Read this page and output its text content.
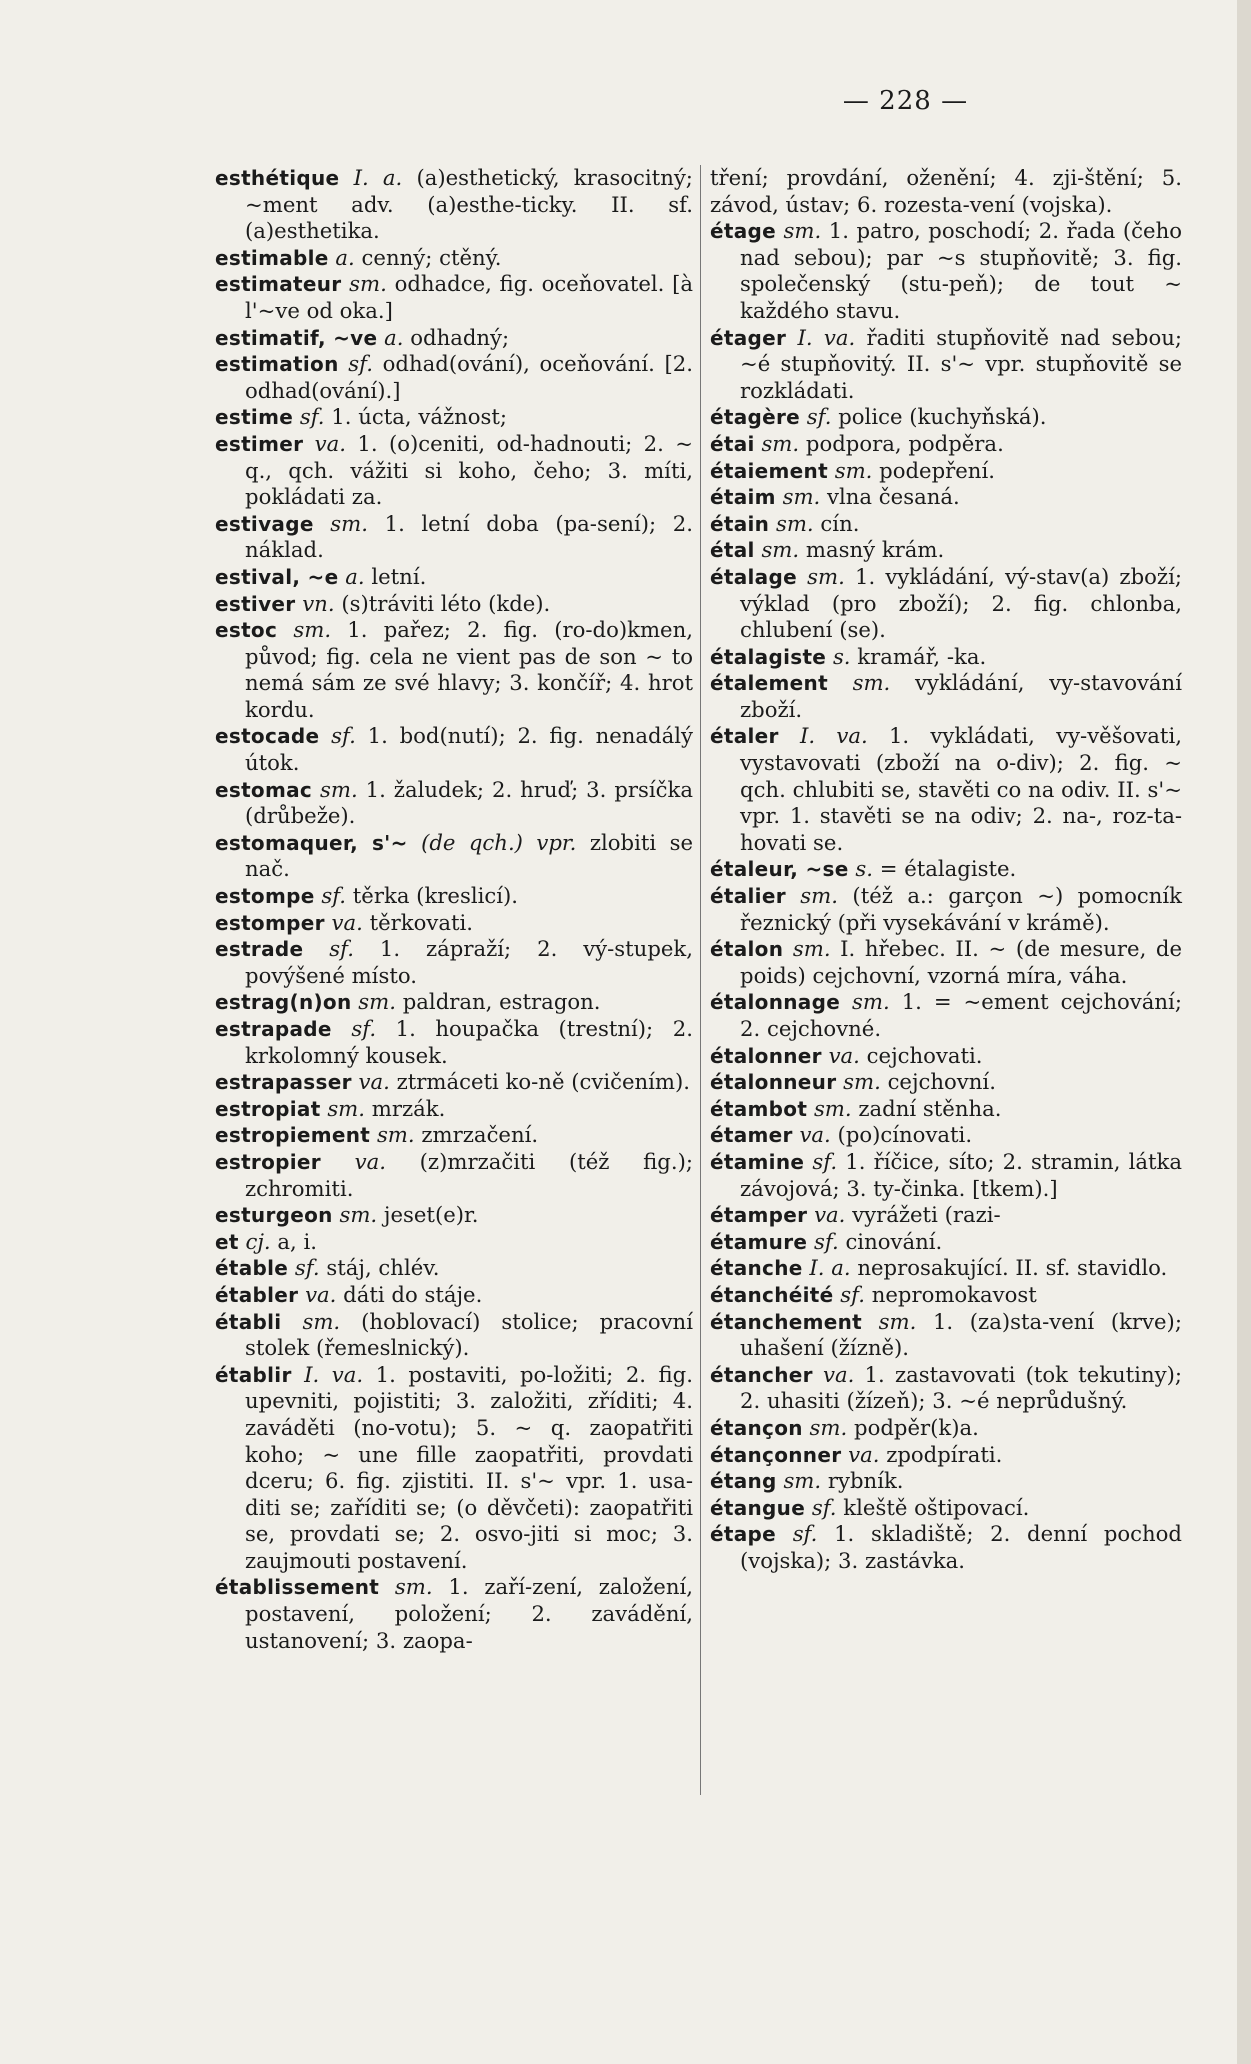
— 228 —

esthétique I. a. (a)esthetický, krasocitný; ~ment adv. (a)esthe-ticky. II. sf. (a)esthetika.

estimable a. cenný; ctěný.

estimateur sm. odhadce, fig. oceňovatel. [à l'~ve od oka.]

estimatif, ~ve a. odhadný;

estimation sf. odhad(ování), oceňování. [2. odhad(ování).]

estime sf. 1. úcta, vážnost;

estimer va. 1. (o)ceniti, od-hadnouti; 2. ~ q., qch. vážiti si koho, čeho; 3. míti, pokládati za.

estivage sm. 1. letní doba (pa-sení); 2. náklad.

estival, ~e a. letní.

estiver vn. (s)tráviti léto (kde).

estoc sm. 1. pařez; 2. fig. (ro-do)kmen, původ; fig. cela ne vient pas de son ~ to nemá sám ze své hlavy; 3. končíř; 4. hrot kordu.

estocade sf. 1. bod(nutí); 2. fig. nenadálý útok.

estomac sm. 1. žaludek; 2. hruď; 3. prsíčka (drůbeže).

estomaquer, s'~ (de qch.) vpr. zlobiti se nač.

estompe sf. těrka (kreslicí).

estomper va. těrkovati.

estrade sf. 1. zápraží; 2. vý-stupek, povýšené místo.

estrag(n)on sm. paldran, estragon.

estrapade sf. 1. houpačka (trestní); 2. krkolomný kousek.

estrapasser va. ztrmáceti ko-ně (cvičením).

estropiat sm. mrzák.

estropiement sm. zmrzačení.

estropier va. (z)mrzačiti (též fig.); zchromiti.

esturgeon sm. jeset(e)r.

et cj. a, i.

étable sf. stáj, chlév.

établer va. dáti do stáje.

établi sm. (hoblovací) stolice; pracovní stolek (řemeslnický).

établir I. va. 1. postaviti, po-ložiti; 2. fig. upevniti, pojistiti; 3. založiti, zříditi; 4. zaváděti (no-votu); 5. ~ q. zaopatřiti koho; ~ une fille zaopatřiti, provdati dceru; 6. fig. zjistiti. II. s'~ vpr. 1. usa-diti se; zaříditi se; (o děvčeti): zaopatřiti se, provdati se; 2. osvo-jiti si moc; 3. zaujmouti postavení.

établissement sm. 1. zaří-zení, založení, postavení, položení; 2. zavádění, ustanovení; 3. zaopa-

tření; provdání, oženění; 4. zji-štění; 5. závod, ústav; 6. rozesta-vení (vojska).

étage sm. 1. patro, poschodí; 2. řada (čeho nad sebou); par ~s stupňovitě; 3. fig. společenský (stu-peň); de tout ~ každého stavu.

étager I. va. řaditi stupňovitě nad sebou; ~é stupňovitý. II. s'~ vpr. stupňovitě se rozkládati.

étagère sf. police (kuchyňská).

étai sm. podpora, podpěra.

étaiement sm. podepření.

étaim sm. vlna česaná.

étain sm. cín.

étal sm. masný krám.

étalage sm. 1. vykládání, vý-stav(a) zboží; výklad (pro zboží); 2. fig. chlonba, chlubení (se).

étalagiste s. kramář, -ka.

étalement sm. vykládání, vy-stavování zboží.

étaler I. va. 1. vykládati, vy-věšovati, vystavovati (zboží na o-div); 2. fig. ~ qch. chlubiti se, stavěti co na odiv. II. s'~ vpr. 1. stavěti se na odiv; 2. na-, roz-ta-hovati se.

étaleur, ~se s. = étalagiste.

étalier sm. (též a.: garçon ~) pomocník řeznický (při vysekávání v krámě).

étalon sm. I. hřebec. II. ~ (de mesure, de poids) cejchovní, vzorná míra, váha.

étalonnage sm. 1. = ~ement cejchování; 2. cejchovné.

étalonner va. cejchovati.

étalonneur sm. cejchovní.

étambot sm. zadní stěnha.

étamer va. (po)cínovati.

étamine sf. 1. říčice, síto; 2. stramin, látka závojová; 3. ty-činka. [tkem).]

étamper va. vyrážeti (razi-

étamure sf. cinování.

étanche I. a. neprosakující. II. sf. stavidlo.

étanchéité sf. nepromokavost

étanchement sm. 1. (za)sta-vení (krve); uhašení (žízně).

étancher va. 1. zastavovati (tok tekutiny); 2. uhasiti (žízeň); 3. ~é neprůdušný.

étançon sm. podpěr(k)a.

étançonner va. zpodpírati.

étang sm. rybník.

étangue sf. kleště oštipovací.

étape sf. 1. skladiště; 2. denní pochod (vojska); 3. zastávka.
